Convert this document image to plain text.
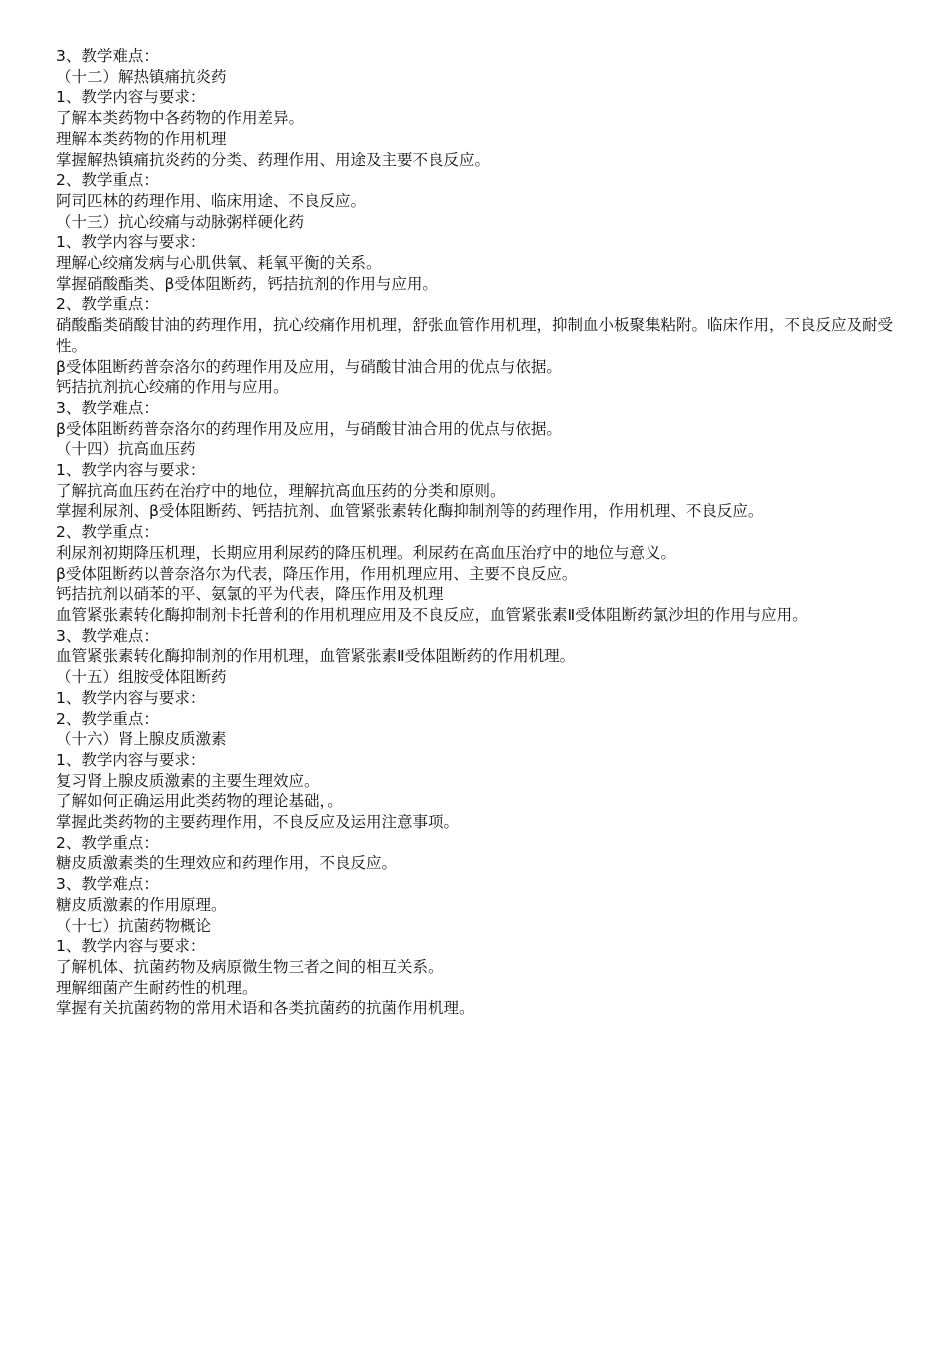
3、教学难点：

（十二）解热镇痛抗炎药

1、教学内容与要求：

了解本类药物中各药物的作用差异。

理解本类药物的作用机理

掌握解热镇痛抗炎药的分类、药理作用、用途及主要不良反应。

2、教学重点：

阿司匹林的药理作用、临床用途、不良反应。

（十三）抗心绞痛与动脉粥样硬化药

1、教学内容与要求：

理解心绞痛发病与心肌供氧、耗氧平衡的关系。

掌握硝酸酯类、β受体阻断药，钙拮抗剂的作用与应用。

2、教学重点：

硝酸酯类硝酸甘油的药理作用，抗心绞痛作用机理，舒张血管作用机理，抑制血小板聚集粘附。临床作用，不良反应及耐受性。

β受体阻断药普奈洛尔的药理作用及应用，与硝酸甘油合用的优点与依据。

钙拮抗剂抗心绞痛的作用与应用。

3、教学难点：

β受体阻断药普奈洛尔的药理作用及应用，与硝酸甘油合用的优点与依据。

（十四）抗高血压药

1、教学内容与要求：

了解抗高血压药在治疗中的地位，理解抗高血压药的分类和原则。

掌握利尿剂、β受体阻断药、钙拮抗剂、血管紧张素转化酶抑制剂等的药理作用，作用机理、不良反应。

2、教学重点：

利尿剂初期降压机理，长期应用利尿药的降压机理。利尿药在高血压治疗中的地位与意义。

β受体阻断药以普奈洛尔为代表，降压作用，作用机理应用、主要不良反应。

钙拮抗剂以硝苯的平、氨氯的平为代表，降压作用及机理

血管紧张素转化酶抑制剂卡托普利的作用机理应用及不良反应，血管紧张素Ⅱ受体阻断药氯沙坦的作用与应用。

3、教学难点：

血管紧张素转化酶抑制剂的作用机理，血管紧张素Ⅱ受体阻断药的作用机理。

（十五）组胺受体阻断药

1、教学内容与要求：

2、教学重点：

（十六）肾上腺皮质激素

1、教学内容与要求：

复习肾上腺皮质激素的主要生理效应。

了解如何正确运用此类药物的理论基础，。

掌握此类药物的主要药理作用，不良反应及运用注意事项。

2、教学重点：

糖皮质激素类的生理效应和药理作用，不良反应。

3、教学难点：

糖皮质激素的作用原理。

（十七）抗菌药物概论

1、教学内容与要求：

了解机体、抗菌药物及病原微生物三者之间的相互关系。

理解细菌产生耐药性的机理。

掌握有关抗菌药物的常用术语和各类抗菌药的抗菌作用机理。
